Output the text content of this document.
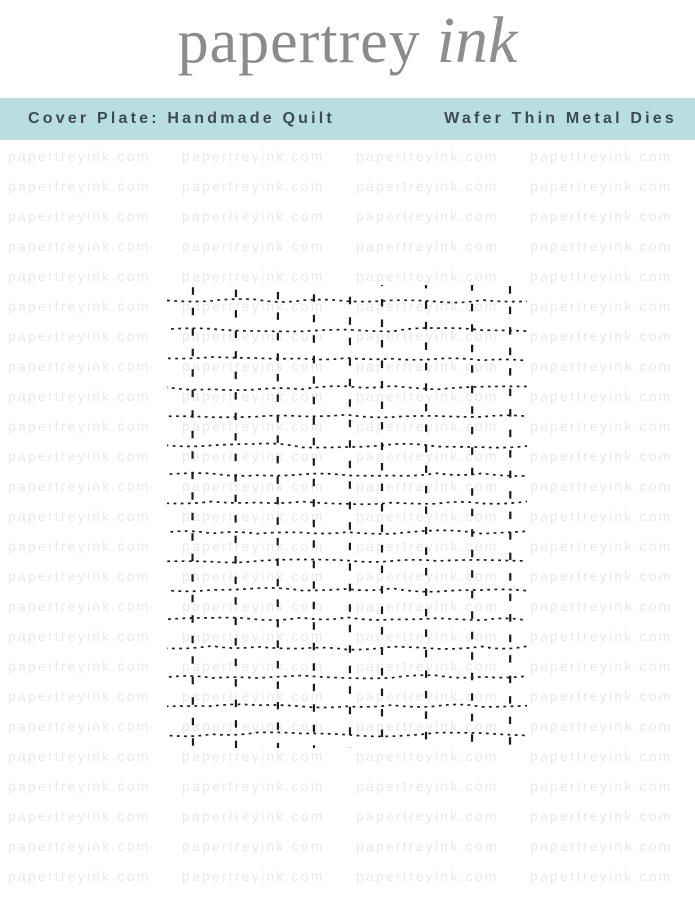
papertrey ink
Cover Plate: Handmade Quilt	Wafer Thin Metal Dies
papertreyink.com papertreyink.com papertreyink.com papertreyink.com
papertreyink.com papertreyink.com papertreyink.com papertreyink.com
papertreyink.com papertreyink.com papertreyink.com papertreyink.com
papertreyink.com papertreyink.com papertreyink.com papertreyink.com
papertreyink.com papertreyink.com papertreyink.com papertreyink.com
papertreyink.com papertreyink.com papertreyink.com papertreyink.com
papertreyink.com papertreyink.com papertreyink.com papertreyink.com
papertreyink.com papertreyink.com papertreyink.com papertreyink.com
papertreyink.com papertreyink.com papertreyink.com papertreyink.com
papertreyink.com papertreyink.com papertreyink.com papertreyink.com
papertreyink.com papertreyink.com papertreyink.com papertreyink.com
papertreyink.com papertreyink.com papertreyink.com papertreyink.com
papertreyink.com papertreyink.com papertreyink.com papertreyink.com
papertreyink.com papertreyink.com papertreyink.com papertreyink.com
papertreyink.com papertreyink.com papertreyink.com papertreyink.com
papertreyink.com papertreyink.com papertreyink.com papertreyink.com
papertreyink.com papertreyink.com papertreyink.com papertreyink.com
papertreyink.com papertreyink.com papertreyink.com papertreyink.com
papertreyink.com papertreyink.com papertreyink.com papertreyink.com
papertreyink.com papertreyink.com papertreyink.com papertreyink.com
papertreyink.com papertreyink.com papertreyink.com papertreyink.com
papertreyink.com papertreyink.com papertreyink.com papertreyink.com
papertreyink.com papertreyink.com papertreyink.com papertreyink.com
papertreyink.com papertreyink.com papertreyink.com papertreyink.com
papertreyink.com papertreyink.com papertreyink.com papertreyink.com
